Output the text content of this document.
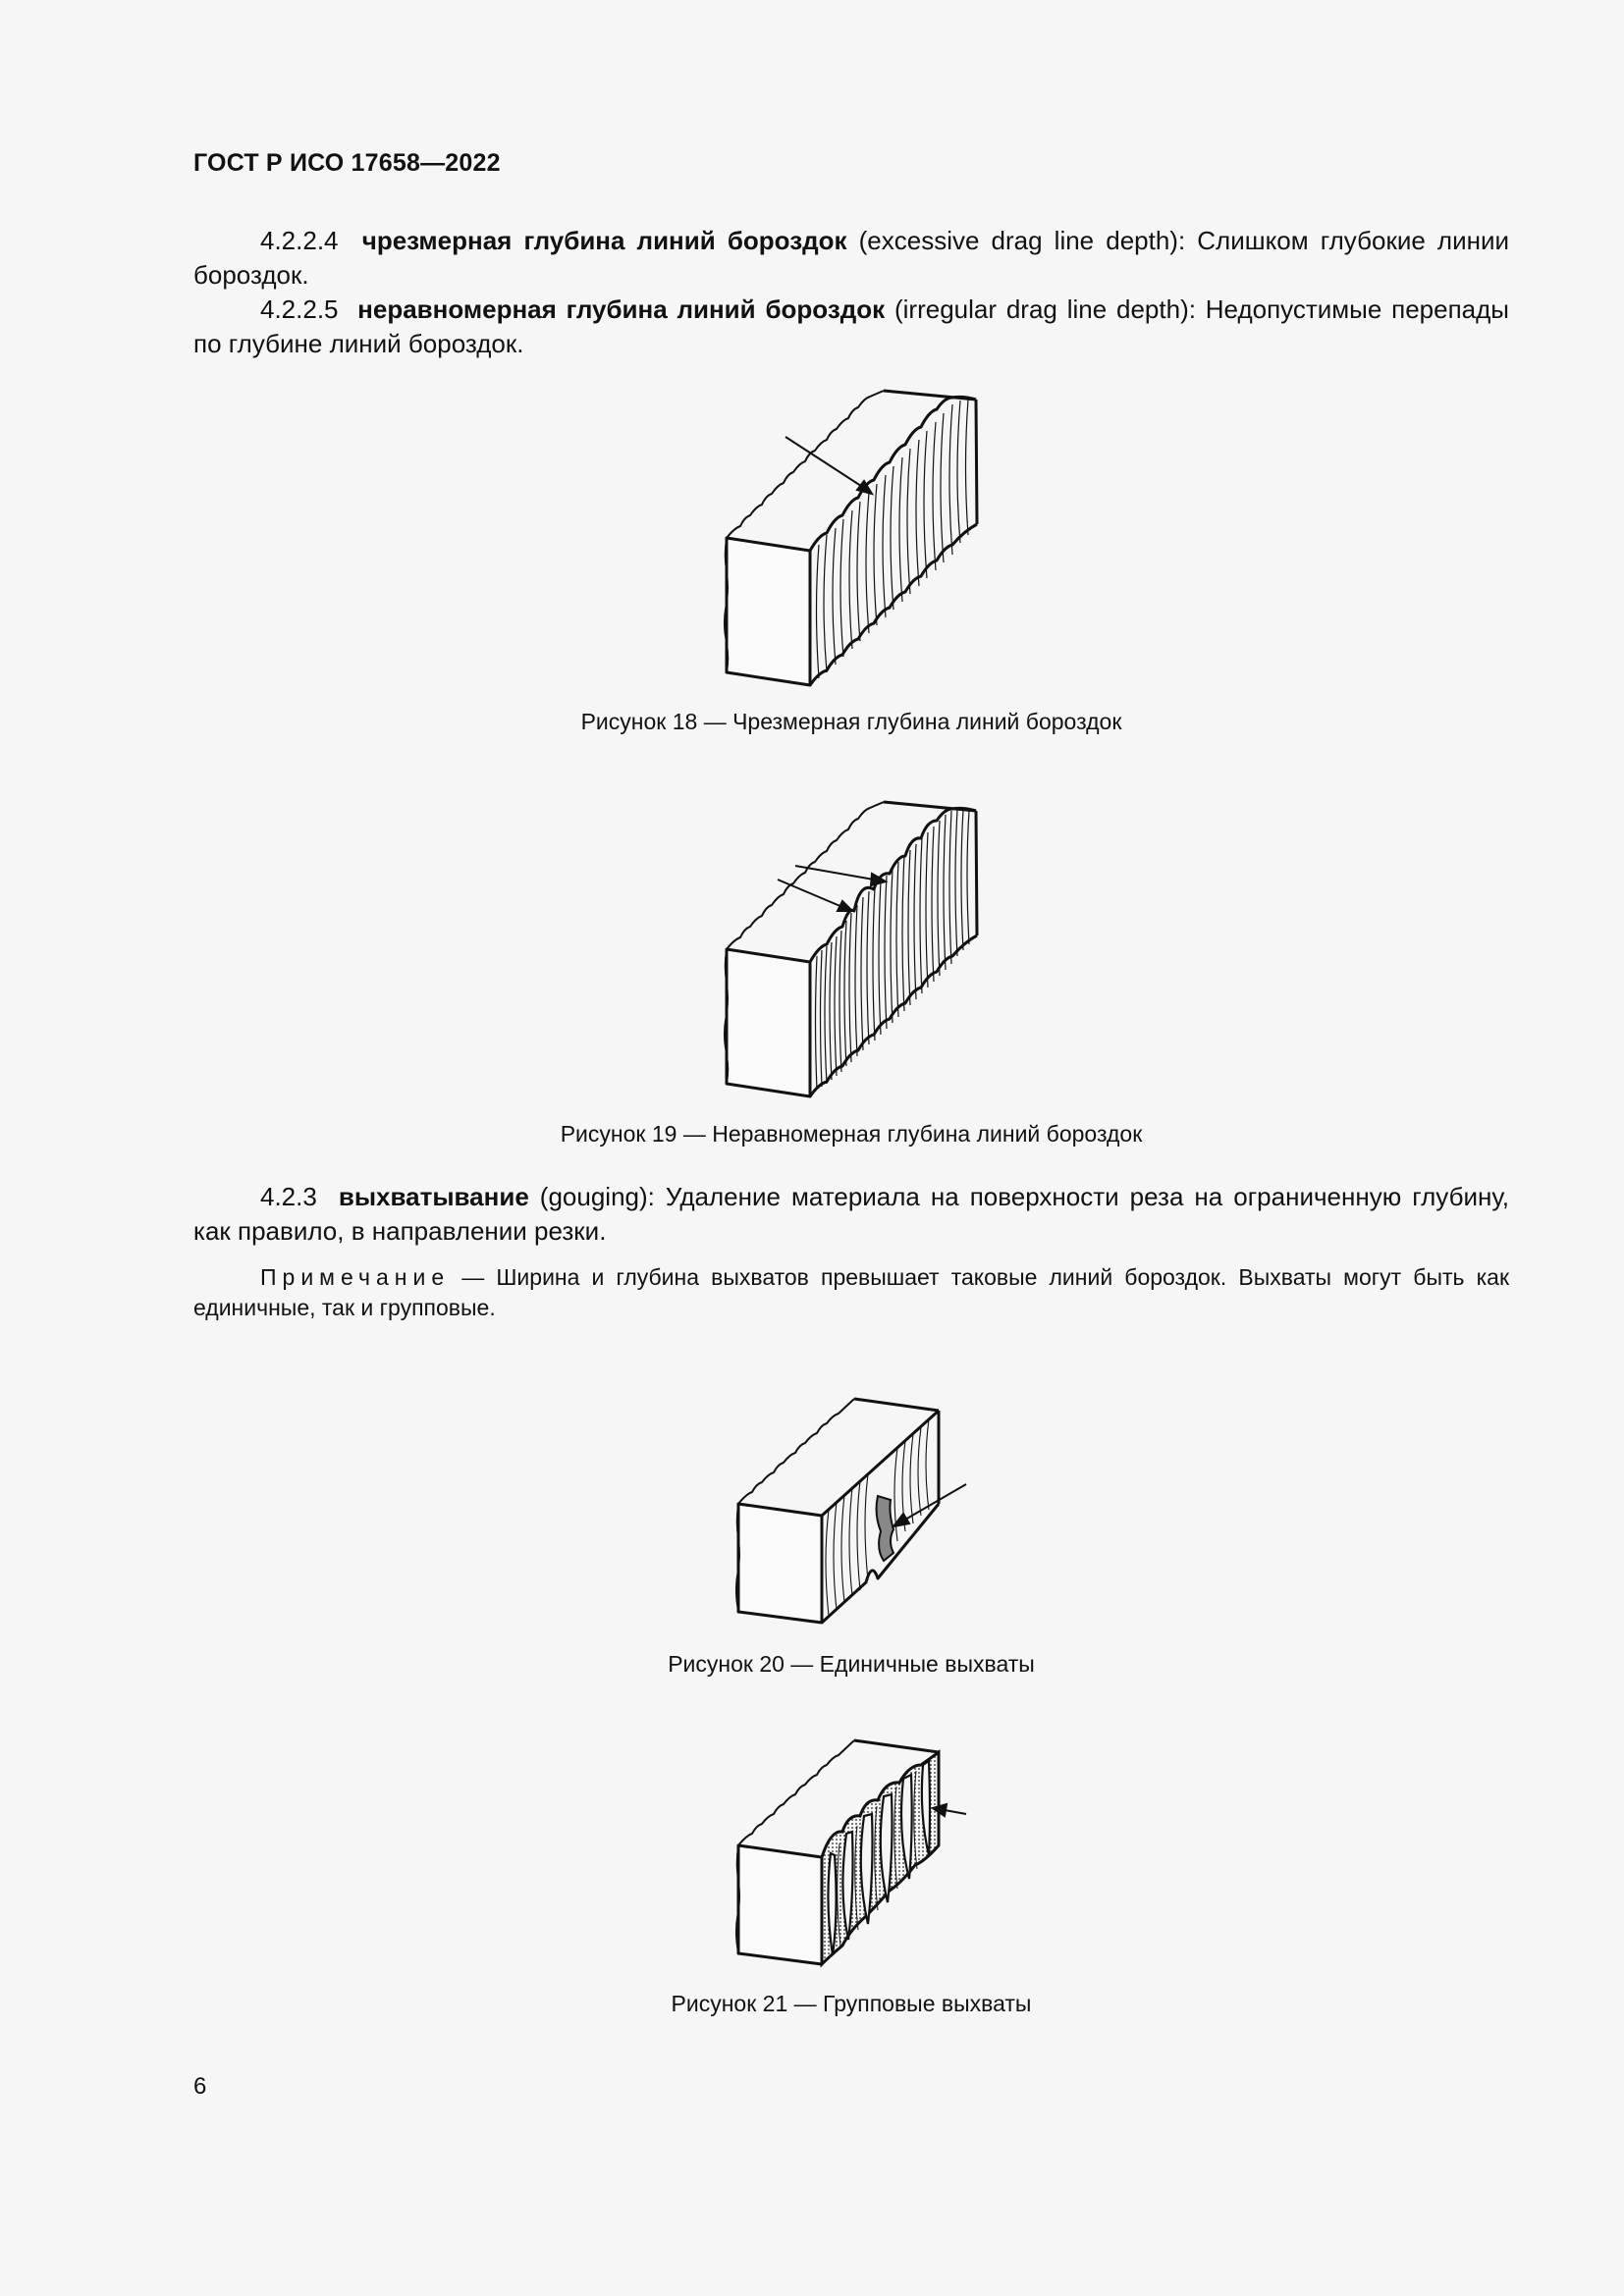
ГОСТ Р ИСО 17658—2022
4.2.2.4 чрезмерная глубина линий бороздок (excessive drag line depth): Слишком глубокие линии бороздок.
4.2.2.5 неравномерная глубина линий бороздок (irregular drag line depth): Недопустимые перепады по глубине линий бороздок.
Рисунок 18 — Чрезмерная глубина линий бороздок
Рисунок 19 — Неравномерная глубина линий бороздок
4.2.3 выхватывание (gouging): Удаление материала на поверхности реза на ограниченную глубину, как правило, в направлении резки.
Примечание — Ширина и глубина выхватов превышает таковые линий бороздок. Выхваты могут быть как единичные, так и групповые.
Рисунок 20 — Единичные выхваты
Рисунок 21 — Групповые выхваты
6
